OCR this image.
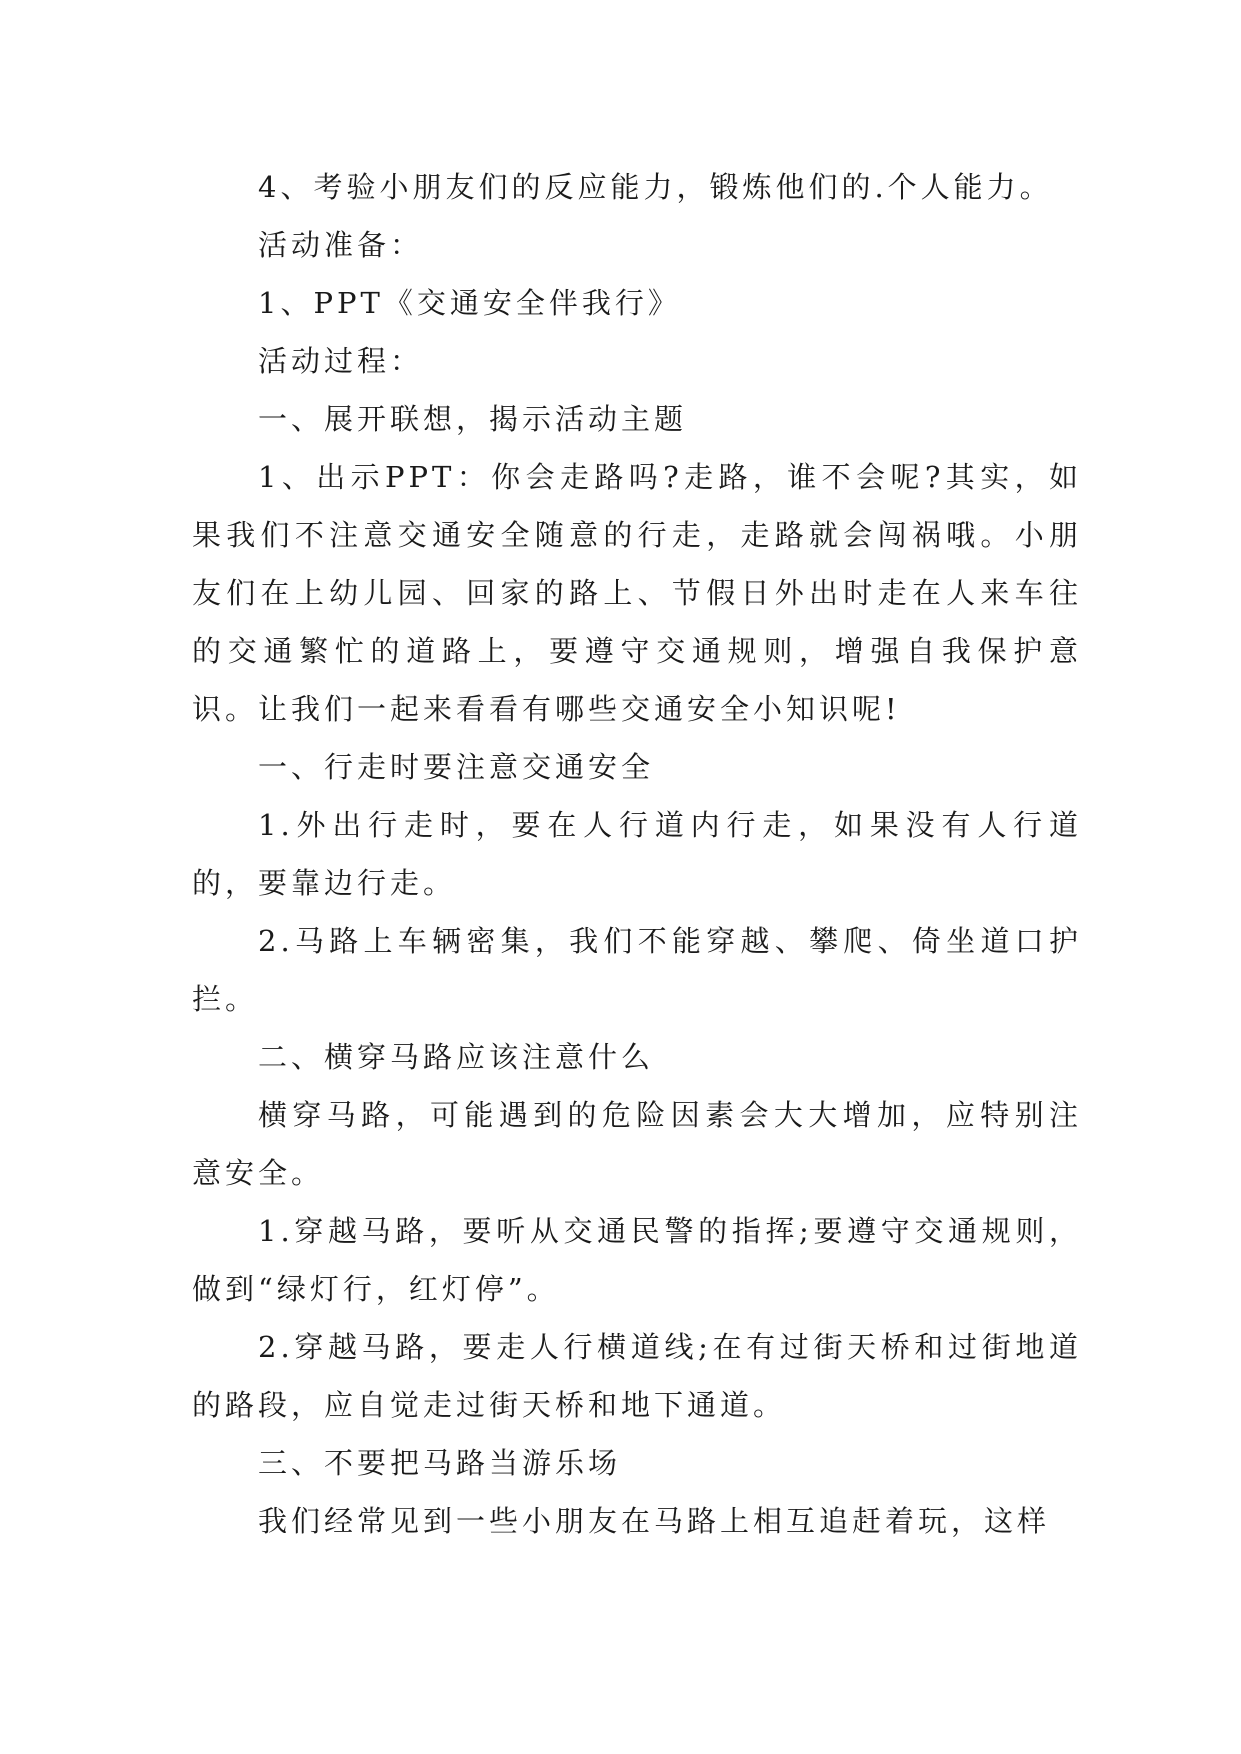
4、考验小朋友们的反应能力，锻炼他们的.个人能力。

活动准备：

1、PPT《交通安全伴我行》

活动过程：

一、展开联想，揭示活动主题

1、出示PPT：你会走路吗?走路，谁不会呢?其实，如果我们不注意交通安全随意的行走，走路就会闯祸哦。小朋友们在上幼儿园、回家的路上、节假日外出时走在人来车往的交通繁忙的道路上，要遵守交通规则，增强自我保护意识。让我们一起来看看有哪些交通安全小知识呢!

一、行走时要注意交通安全

1.外出行走时，要在人行道内行走，如果没有人行道的，要靠边行走。

2.马路上车辆密集，我们不能穿越、攀爬、倚坐道口护拦。

二、横穿马路应该注意什么

横穿马路，可能遇到的危险因素会大大增加，应特别注意安全。

1.穿越马路，要听从交通民警的指挥;要遵守交通规则，做到“绿灯行，红灯停”。

2.穿越马路，要走人行横道线;在有过街天桥和过街地道的路段，应自觉走过街天桥和地下通道。

三、不要把马路当游乐场

我们经常见到一些小朋友在马路上相互追赶着玩，这样
